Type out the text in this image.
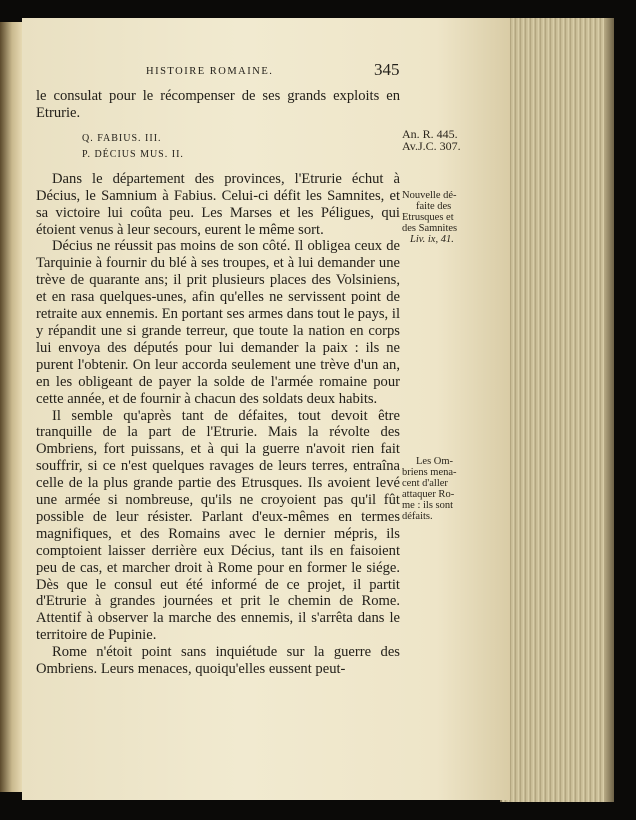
HISTOIRE ROMAINE.	345

le consulat pour le récompenser de ses grands exploits en Etrurie.

Q. FABIUS. III.
P. DÉCIUS MUS. II.

Dans le département des provinces, l'Etrurie échut à Décius, le Samnium à Fabius. Celui-ci défit les Samnites, et sa victoire lui coûta peu. Les Marses et les Péligues, qui étoient venus à leur secours, eurent le même sort.

Décius ne réussit pas moins de son côté. Il obligea ceux de Tarquinie à fournir du blé à ses troupes, et à lui demander une trève de quarante ans; il prit plusieurs places des Volsiniens, et en rasa quelques-unes, afin qu'elles ne servissent point de retraite aux ennemis. En portant ses armes dans tout le pays, il y répandit une si grande terreur, que toute la nation en corps lui envoya des députés pour lui demander la paix : ils ne purent l'obtenir. On leur accorda seulement une trève d'un an, en les obligeant de payer la solde de l'armée romaine pour cette année, et de fournir à chacun des soldats deux habits.

Il semble qu'après tant de défaites, tout devoit être tranquille de la part de l'Etrurie. Mais la révolte des Ombriens, fort puissans, et à qui la guerre n'avoit rien fait souffrir, si ce n'est quelques ravages de leurs terres, entraîna celle de la plus grande partie des Etrusques. Ils avoient levé une armée si nombreuse, qu'ils ne croyoient pas qu'il fût possible de leur résister. Parlant d'eux-mêmes en termes magnifiques, et des Romains avec le dernier mépris, ils comptoient laisser derrière eux Décius, tant ils en faisoient peu de cas, et marcher droit à Rome pour en former le siége. Dès que le consul eut été informé de ce projet, il partit d'Etrurie à grandes journées et prit le chemin de Rome. Attentif à observer la marche des ennemis, il s'arrêta dans le territoire de Pupinie.

Rome n'étoit point sans inquiétude sur la guerre des Ombriens. Leurs menaces, quoiqu'elles eussent peut-

An. R. 445.
Av.J.C. 307.
Nouvelle dé-
faite des
Etrusques et
des Samnites
Liv. ix, 41.
Les Om-
briens mena-
cent d'aller
attaquer Ro-
me : ils sont
défaits.
